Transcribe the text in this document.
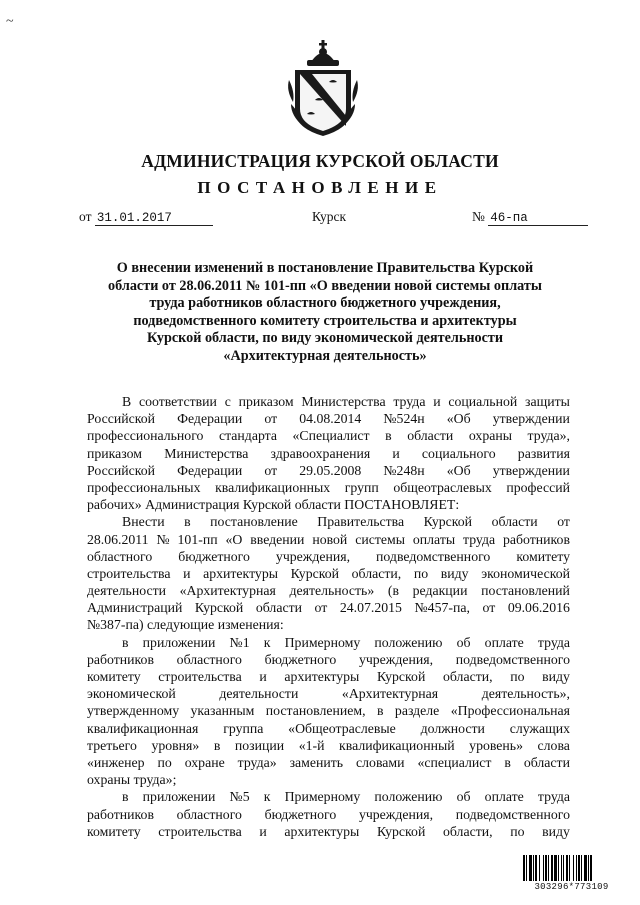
~
АДМИНИСТРАЦИЯ КУРСКОЙ ОБЛАСТИ
ПОСТАНОВЛЕНИЕ
от 31.01.2017	Курск	№ 46-па
О внесении изменений в постановление Правительства Курской
области от 28.06.2011 № 101-пп «О введении новой системы оплаты
труда работников областного бюджетного учреждения,
подведомственного комитету строительства и архитектуры
Курской области, по виду экономической деятельности
«Архитектурная деятельность»
В соответствии с приказом Министерства труда и социальной защиты
Российской Федерации от 04.08.2014 №524н «Об утверждении
профессионального стандарта «Специалист в области охраны труда»,
приказом Министерства здравоохранения и социального развития
Российской Федерации от 29.05.2008 №248н «Об утверждении
профессиональных квалификационных групп общеотраслевых профессий
рабочих» Администрация Курской области ПОСТАНОВЛЯЕТ:
Внести в постановление Правительства Курской области от
28.06.2011 № 101-пп «О введении новой системы оплаты труда работников
областного бюджетного учреждения, подведомственного комитету
строительства и архитектуры Курской области, по виду экономической
деятельности «Архитектурная деятельность» (в редакции постановлений
Администраций Курской области от 24.07.2015 №457-па, от 09.06.2016
№387-па) следующие изменения:
в приложении №1 к Примерному положению об оплате труда
работников областного бюджетного учреждения, подведомственного
комитету строительства и архитектуры Курской области, по виду
экономической	деятельности	«Архитектурная	деятельность»,
утвержденному указанным постановлением, в разделе «Профессиональная
квалификационная группа «Общеотраслевые должности служащих
третьего уровня» в позиции «1-й квалификационный уровень» слова
«инженер по охране труда» заменить словами «специалист в области
охраны труда»;
в приложении №5 к Примерному положению об оплате труда
работников областного бюджетного учреждения, подведомственного
комитету строительства и архитектуры Курской области, по виду
303296*773109
